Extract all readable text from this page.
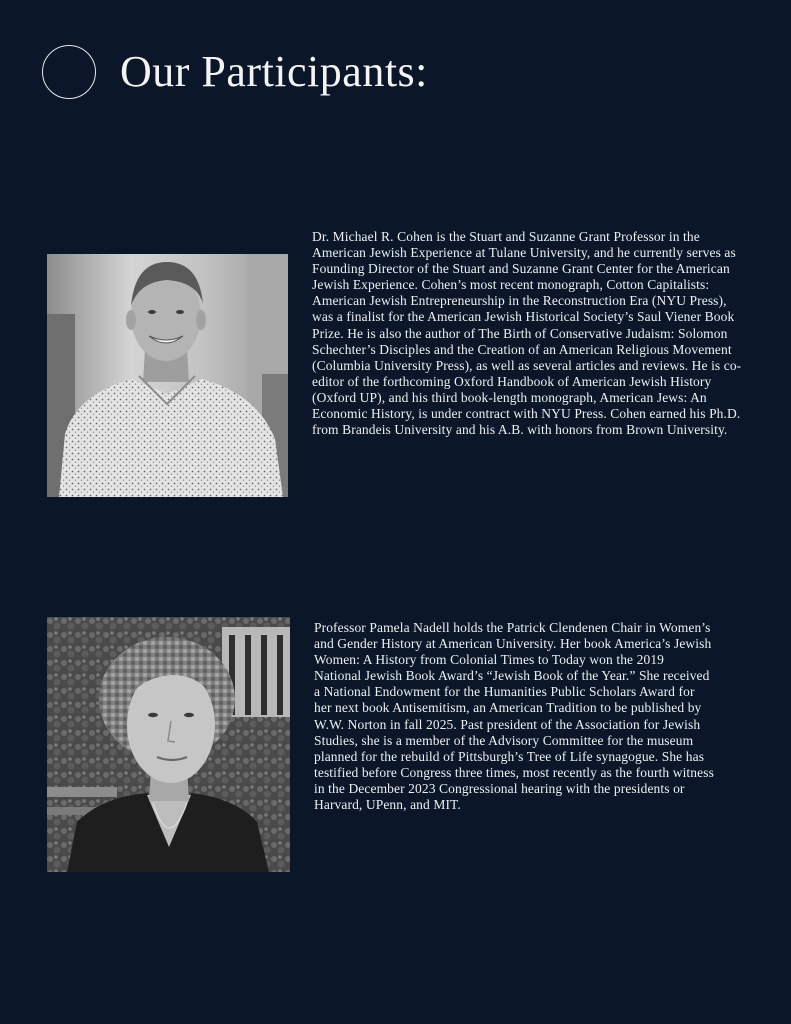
Our Participants:

Dr. Michael R. Cohen is the Stuart and Suzanne Grant Professor in the American Jewish Experience at Tulane University, and he currently serves as Founding Director of the Stuart and Suzanne Grant Center for the American Jewish Experience. Cohen’s most recent monograph, Cotton Capitalists: American Jewish Entrepreneurship in the Reconstruction Era (NYU Press), was a finalist for the American Jewish Historical Society’s Saul Viener Book Prize. He is also the author of The Birth of Conservative Judaism: Solomon Schechter’s Disciples and the Creation of an American Religious Movement (Columbia University Press), as well as several articles and reviews. He is co-editor of the forthcoming Oxford Handbook of American Jewish History (Oxford UP), and his third book-length monograph, American Jews: An Economic History, is under contract with NYU Press. Cohen earned his Ph.D. from Brandeis University and his A.B. with honors from Brown University.

Professor Pamela Nadell holds the Patrick Clendenen Chair in Women’s and Gender History at American University. Her book America’s Jewish Women: A History from Colonial Times to Today won the 2019 National Jewish Book Award’s “Jewish Book of the Year.” She received a National Endowment for the Humanities Public Scholars Award for her next book Antisemitism, an American Tradition to be published by W.W. Norton in fall 2025. Past president of the Association for Jewish Studies, she is a member of the Advisory Committee for the museum planned for the rebuild of Pittsburgh’s Tree of Life synagogue. She has testified before Congress three times, most recently as the fourth witness in the December 2023 Congressional hearing with the presidents or Harvard, UPenn, and MIT.
